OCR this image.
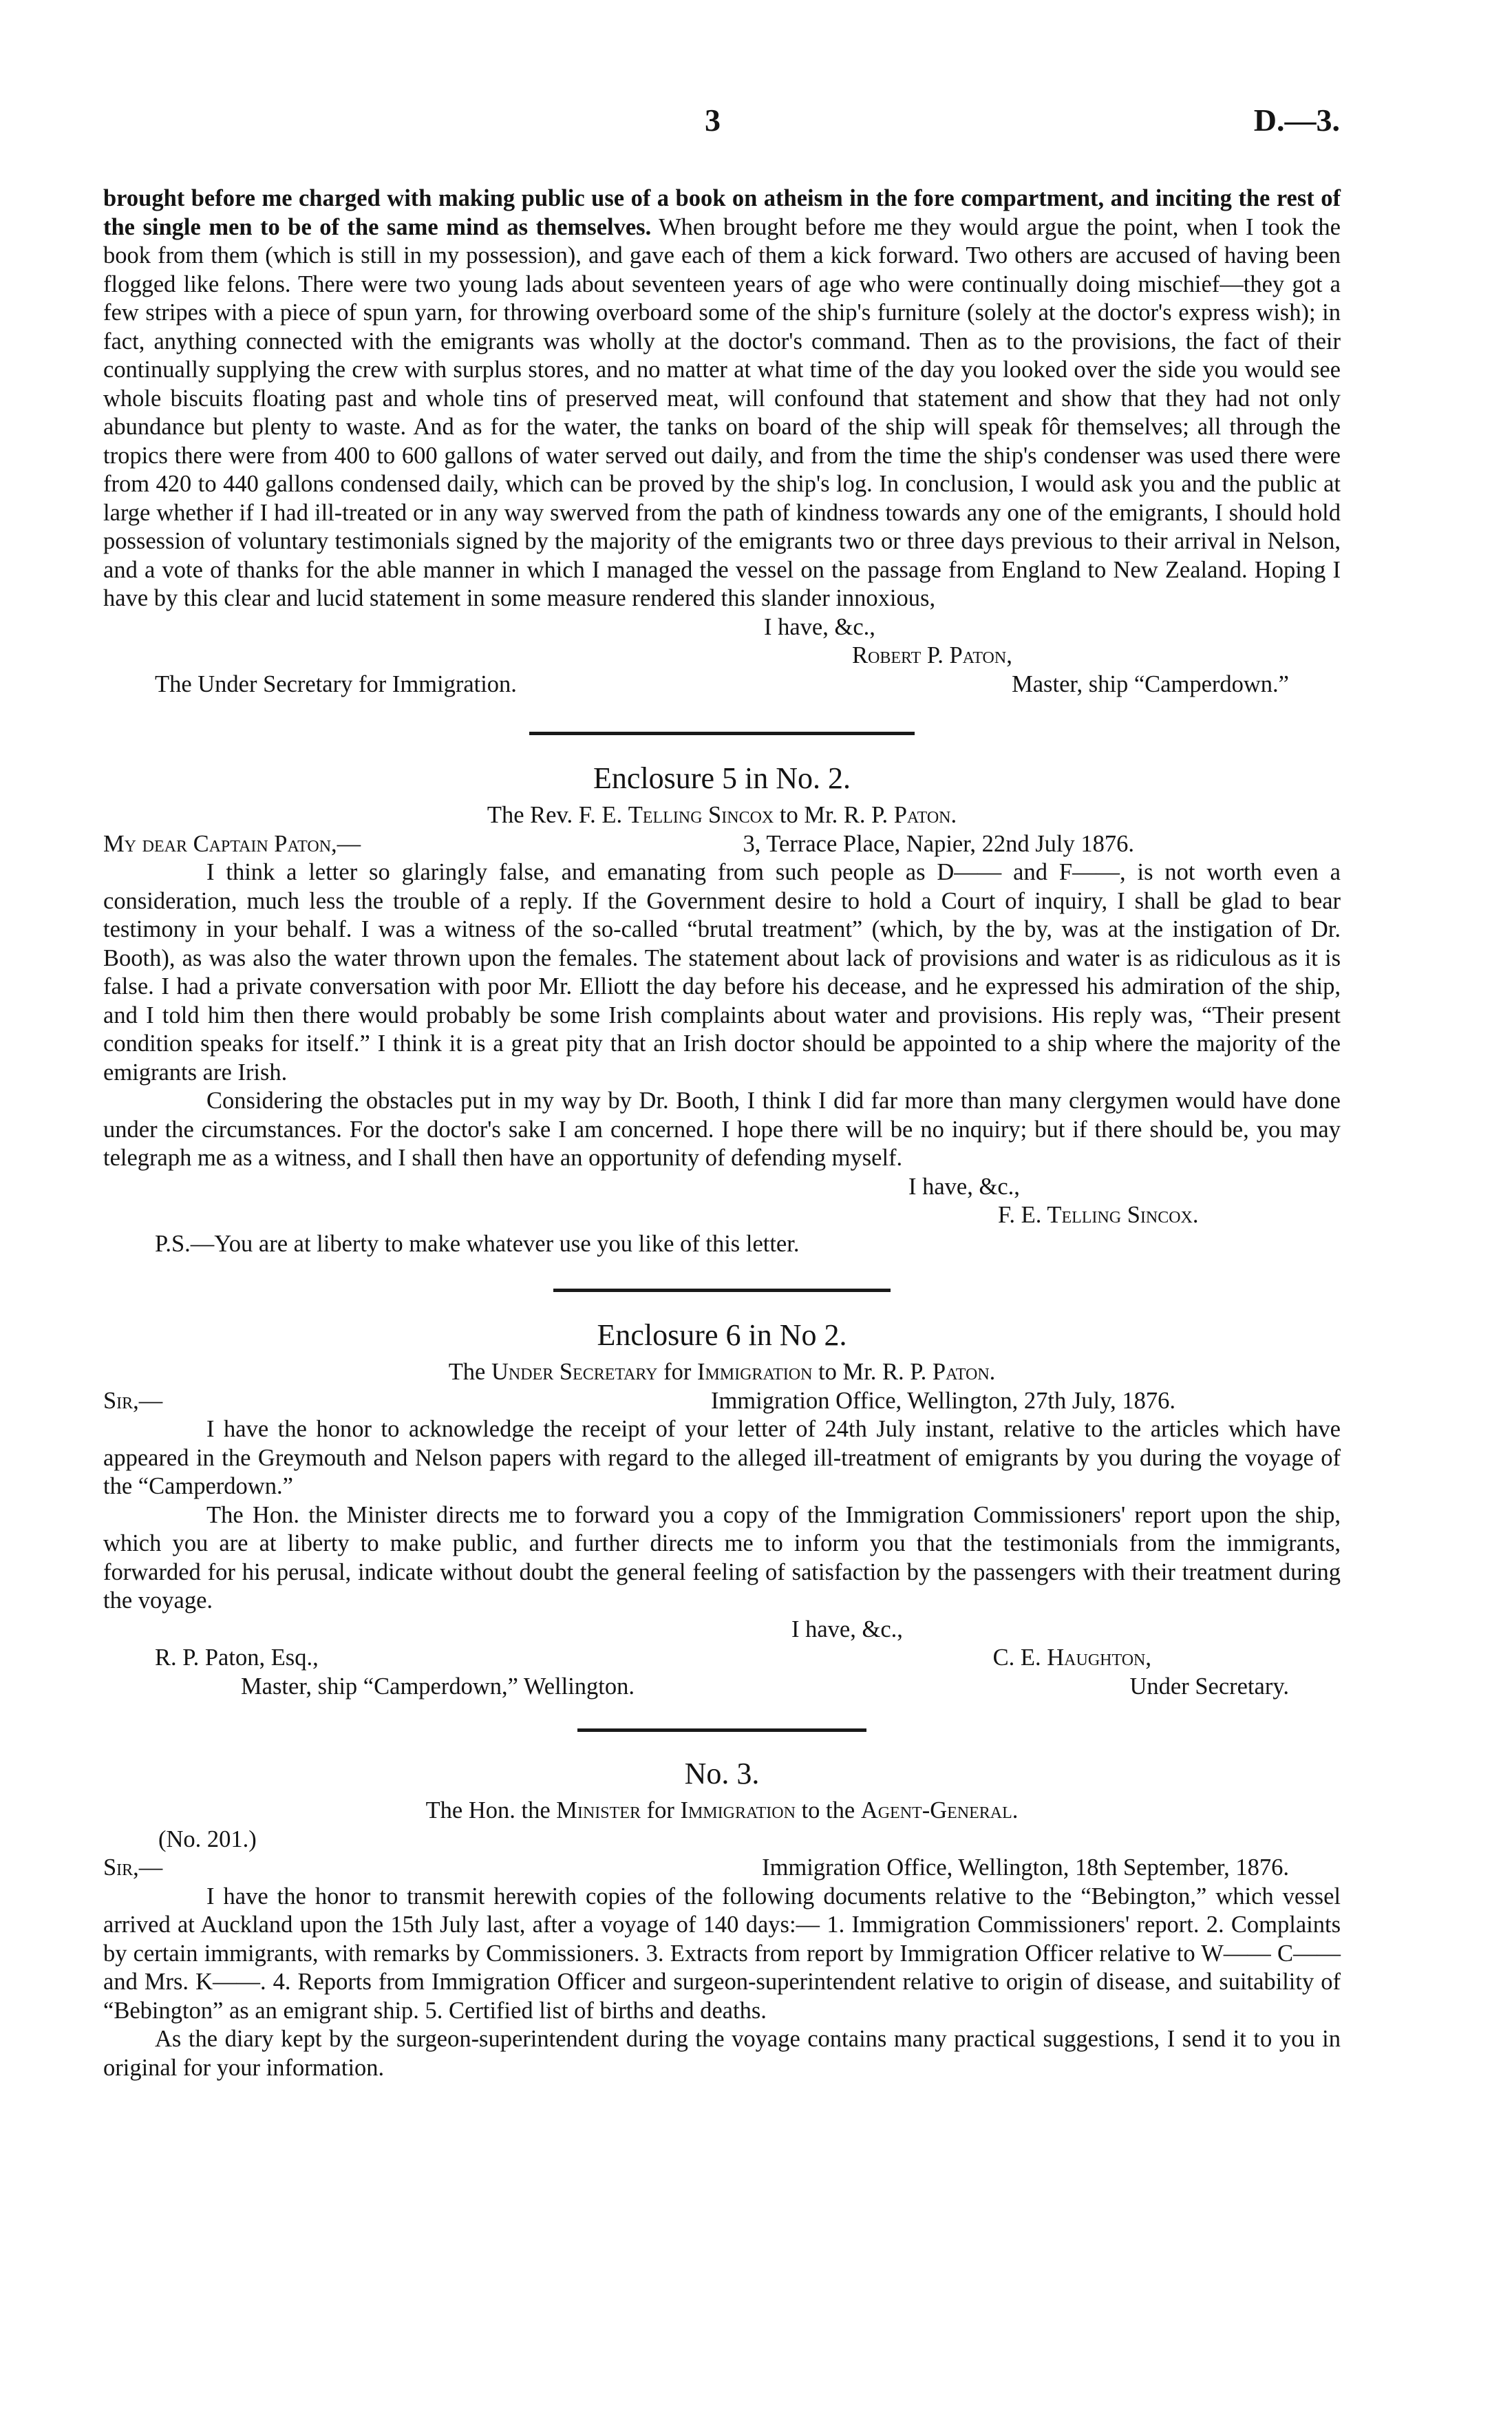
3	D.—3.

brought before me charged with making public use of a book on atheism in the fore compartment, and inciting the rest of the single men to be of the same mind as themselves. When brought before me they would argue the point, when I took the book from them (which is still in my possession), and gave each of them a kick forward. Two others are accused of having been flogged like felons. There were two young lads about seventeen years of age who were continually doing mischief—they got a few stripes with a piece of spun yarn, for throwing overboard some of the ship's furniture (solely at the doctor's express wish); in fact, anything connected with the emigrants was wholly at the doctor's command. Then as to the provisions, the fact of their continually supplying the crew with surplus stores, and no matter at what time of the day you looked over the side you would see whole biscuits floating past and whole tins of preserved meat, will confound that statement and show that they had not only abundance but plenty to waste. And as for the water, the tanks on board of the ship will speak fôr themselves; all through the tropics there were from 400 to 600 gallons of water served out daily, and from the time the ship's condenser was used there were from 420 to 440 gallons condensed daily, which can be proved by the ship's log. In conclusion, I would ask you and the public at large whether if I had ill-treated or in any way swerved from the path of kindness towards any one of the emigrants, I should hold possession of voluntary testimonials signed by the majority of the emigrants two or three days previous to their arrival in Nelson, and a vote of thanks for the able manner in which I managed the vessel on the passage from England to New Zealand. Hoping I have by this clear and lucid statement in some measure rendered this slander innoxious,

I have, &c.,

Robert P. Paton,

The Under Secretary for Immigration.	Master, ship “Camperdown.”

Enclosure 5 in No. 2.

The Rev. F. E. Telling Sincox to Mr. R. P. Paton.

My dear Captain Paton,—	3, Terrace Place, Napier, 22nd July 1876.

I think a letter so glaringly false, and emanating from such people as D—— and F——, is not worth even a consideration, much less the trouble of a reply. If the Government desire to hold a Court of inquiry, I shall be glad to bear testimony in your behalf. I was a witness of the so-called “brutal treatment” (which, by the by, was at the instigation of Dr. Booth), as was also the water thrown upon the females. The statement about lack of provisions and water is as ridiculous as it is false. I had a private conversation with poor Mr. Elliott the day before his decease, and he expressed his admiration of the ship, and I told him then there would probably be some Irish complaints about water and provisions. His reply was, “Their present condition speaks for itself.” I think it is a great pity that an Irish doctor should be appointed to a ship where the majority of the emigrants are Irish.

Considering the obstacles put in my way by Dr. Booth, I think I did far more than many clergymen would have done under the circumstances. For the doctor's sake I am concerned. I hope there will be no inquiry; but if there should be, you may telegraph me as a witness, and I shall then have an opportunity of defending myself.

I have, &c.,

F. E. Telling Sincox.

P.S.—You are at liberty to make whatever use you like of this letter.

Enclosure 6 in No 2.

The Under Secretary for Immigration to Mr. R. P. Paton.

Sir,—	Immigration Office, Wellington, 27th July, 1876.

I have the honor to acknowledge the receipt of your letter of 24th July instant, relative to the articles which have appeared in the Greymouth and Nelson papers with regard to the alleged ill-treatment of emigrants by you during the voyage of the “Camperdown.”

The Hon. the Minister directs me to forward you a copy of the Immigration Commissioners' report upon the ship, which you are at liberty to make public, and further directs me to inform you that the testimonials from the immigrants, forwarded for his perusal, indicate without doubt the general feeling of satisfaction by the passengers with their treatment during the voyage.

I have, &c.,

R. P. Paton, Esq.,	C. E. Haughton,
Master, ship “Camperdown,” Wellington.	Under Secretary.

No. 3.

The Hon. the Minister for Immigration to the Agent-General.

(No. 201.)

Sir,—	Immigration Office, Wellington, 18th September, 1876.

I have the honor to transmit herewith copies of the following documents relative to the “Bebington,” which vessel arrived at Auckland upon the 15th July last, after a voyage of 140 days:— 1. Immigration Commissioners' report. 2. Complaints by certain immigrants, with remarks by Commissioners. 3. Extracts from report by Immigration Officer relative to W—— C—— and Mrs. K——. 4. Reports from Immigration Officer and surgeon-superintendent relative to origin of disease, and suitability of “Bebington” as an emigrant ship. 5. Certified list of births and deaths.

As the diary kept by the surgeon-superintendent during the voyage contains many practical suggestions, I send it to you in original for your information.
